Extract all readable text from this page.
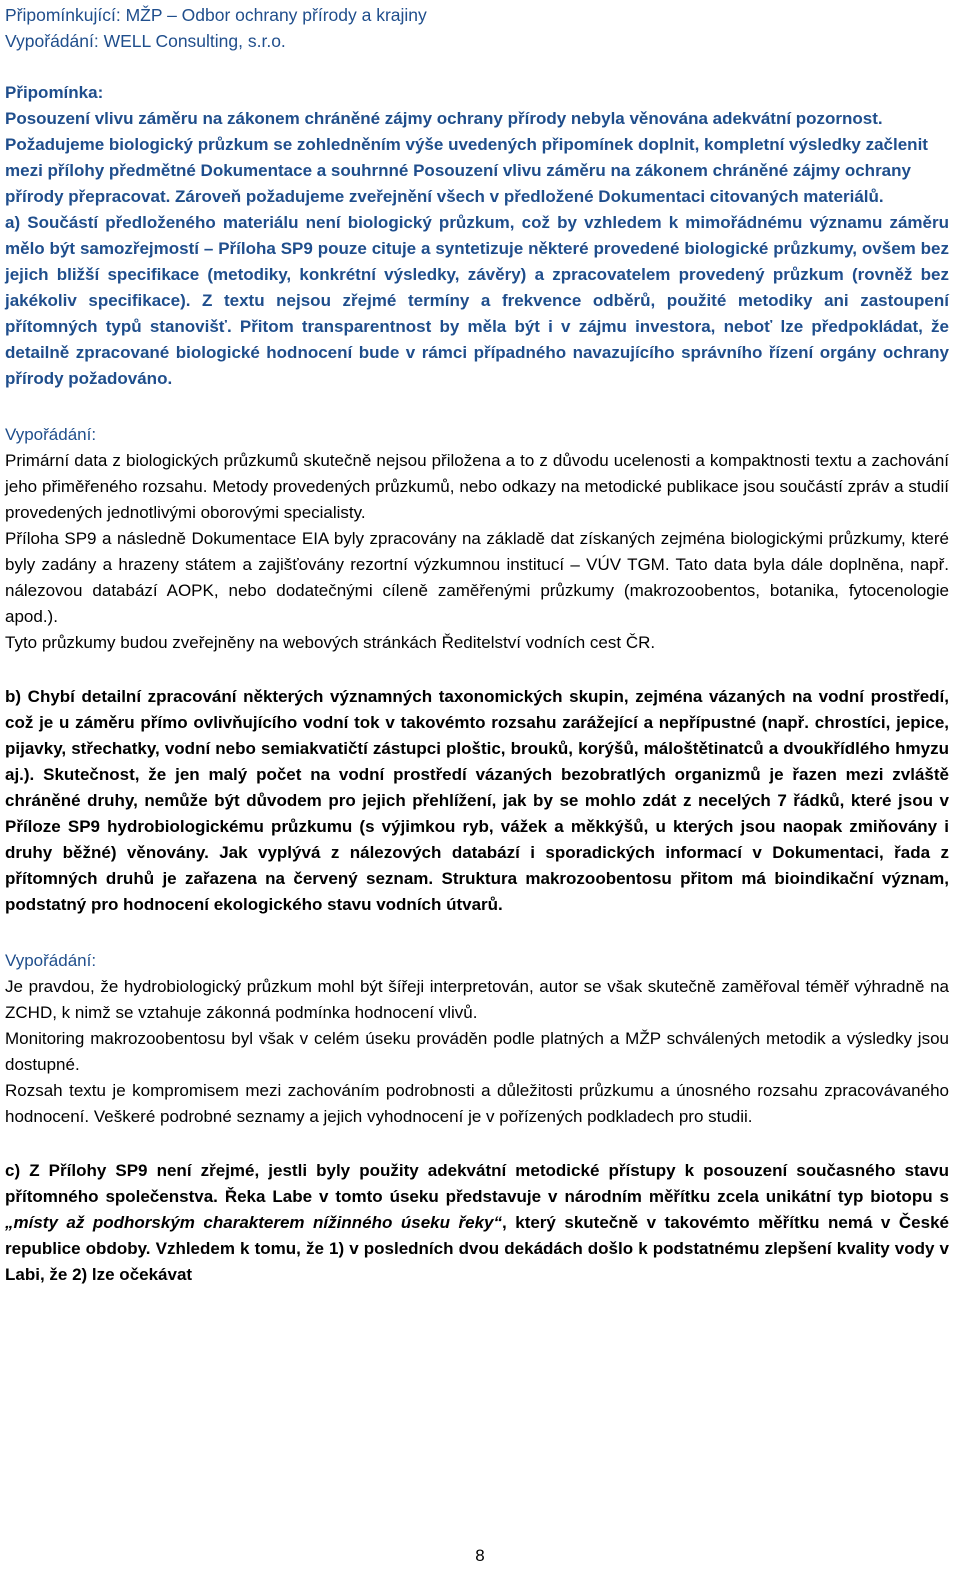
Připomínkující: MŽP – Odbor ochrany přírody a krajiny

Vypořádání: WELL Consulting, s.r.o.

Připomínka:

Posouzení vlivu záměru na zákonem chráněné zájmy ochrany přírody nebyla věnována adekvátní pozornost. Požadujeme biologický průzkum se zohledněním výše uvedených připomínek doplnit, kompletní výsledky začlenit mezi přílohy předmětné Dokumentace a souhrnné Posouzení vlivu záměru na zákonem chráněné zájmy ochrany přírody přepracovat. Zároveň požadujeme zveřejnění všech v předložené Dokumentaci citovaných materiálů.

a) Součástí předloženého materiálu není biologický průzkum, což by vzhledem k mimořádnému významu záměru mělo být samozřejmostí – Příloha SP9 pouze cituje a syntetizuje některé provedené biologické průzkumy, ovšem bez jejich bližší specifikace (metodiky, konkrétní výsledky, závěry) a zpracovatelem provedený průzkum (rovněž bez jakékoliv specifikace). Z textu nejsou zřejmé termíny a frekvence odběrů, použité metodiky ani zastoupení přítomných typů stanovišť. Přitom transparentnost by měla být i v zájmu investora, neboť lze předpokládat, že detailně zpracované biologické hodnocení bude v rámci případného navazujícího správního řízení orgány ochrany přírody požadováno.

Vypořádání:

Primární data z biologických průzkumů skutečně nejsou přiložena a to z důvodu ucelenosti a kompaktnosti textu a zachování jeho přiměřeného rozsahu. Metody provedených průzkumů, nebo odkazy na metodické publikace jsou součástí zpráv a studií provedených jednotlivými oborovými specialisty.

Příloha SP9 a následně Dokumentace EIA byly zpracovány na základě dat získaných zejména biologickými průzkumy, které byly zadány a hrazeny státem a zajišťovány rezortní výzkumnou institucí – VÚV TGM. Tato data byla dále doplněna, např. nálezovou databází AOPK, nebo dodatečnými cíleně zaměřenými průzkumy (makrozoobentos, botanika, fytocenologie apod.).

Tyto průzkumy budou zveřejněny na webových stránkách Ředitelství vodních cest ČR.

b) Chybí detailní zpracování některých významných taxonomických skupin, zejména vázaných na vodní prostředí, což je u záměru přímo ovlivňujícího vodní tok v takovémto rozsahu zarážející a nepřípustné (např. chrostíci, jepice, pijavky, střechatky, vodní nebo semiakvatičtí zástupci ploštic, brouků, korýšů, máloštětinatců a dvoukřídlého hmyzu aj.). Skutečnost, že jen malý počet na vodní prostředí vázaných bezobratlých organizmů je řazen mezi zvláště chráněné druhy, nemůže být důvodem pro jejich přehlížení, jak by se mohlo zdát z necelých 7 řádků, které jsou v Příloze SP9 hydrobiologickému průzkumu (s výjimkou ryb, vážek a měkkýšů, u kterých jsou naopak zmiňovány i druhy běžné) věnovány. Jak vyplývá z nálezových databází i sporadických informací v Dokumentaci, řada z přítomných druhů je zařazena na červený seznam. Struktura makrozoobentosu přitom má bioindikační význam, podstatný pro hodnocení ekologického stavu vodních útvarů.

Vypořádání:

Je pravdou, že hydrobiologický průzkum mohl být šířeji interpretován, autor se však skutečně zaměřoval téměř výhradně na ZCHD, k nimž se vztahuje zákonná podmínka hodnocení vlivů.

Monitoring makrozoobentosu byl však v celém úseku prováděn podle platných a MŽP schválených metodik a výsledky jsou dostupné.

Rozsah textu je kompromisem mezi zachováním podrobnosti a důležitosti průzkumu a únosného rozsahu zpracovávaného hodnocení. Veškeré podrobné seznamy a jejich vyhodnocení je v pořízených podkladech pro studii.

c) Z Přílohy SP9 není zřejmé, jestli byly použity adekvátní metodické přístupy k posouzení současného stavu přítomného společenstva. Řeka Labe v tomto úseku představuje v národním měřítku zcela unikátní typ biotopu s „místy až podhorským charakterem nížinného úseku řeky“, který skutečně v takovémto měřítku nemá v České republice obdoby. Vzhledem k tomu, že 1) v posledních dvou dekádách došlo k podstatnému zlepšení kvality vody v Labi, že 2) lze očekávat

8
